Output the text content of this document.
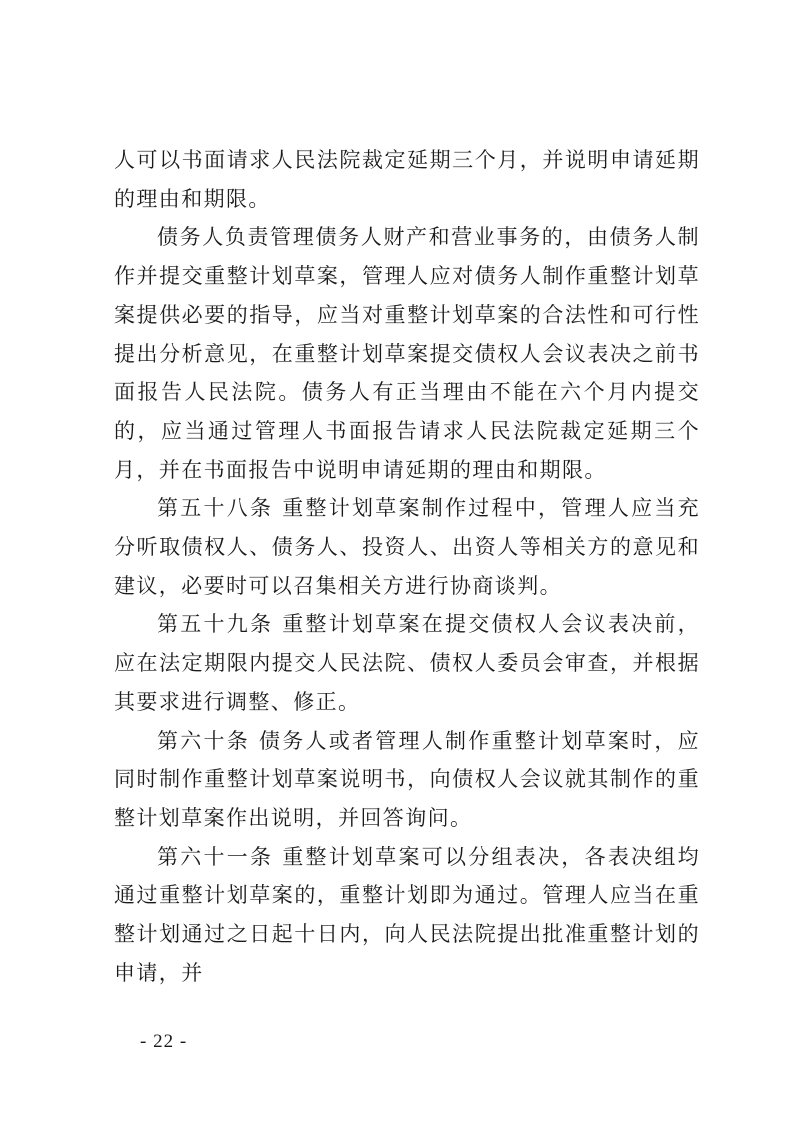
人可以书面请求人民法院裁定延期三个月，并说明申请延期的理由和期限。

债务人负责管理债务人财产和营业事务的，由债务人制作并提交重整计划草案，管理人应对债务人制作重整计划草案提供必要的指导，应当对重整计划草案的合法性和可行性提出分析意见，在重整计划草案提交债权人会议表决之前书面报告人民法院。债务人有正当理由不能在六个月内提交的，应当通过管理人书面报告请求人民法院裁定延期三个月，并在书面报告中说明申请延期的理由和期限。

第五十八条 重整计划草案制作过程中，管理人应当充分听取债权人、债务人、投资人、出资人等相关方的意见和建议，必要时可以召集相关方进行协商谈判。

第五十九条 重整计划草案在提交债权人会议表决前，应在法定期限内提交人民法院、债权人委员会审查，并根据其要求进行调整、修正。

第六十条 债务人或者管理人制作重整计划草案时，应同时制作重整计划草案说明书，向债权人会议就其制作的重整计划草案作出说明，并回答询问。

第六十一条 重整计划草案可以分组表决，各表决组均通过重整计划草案的，重整计划即为通过。管理人应当在重整计划通过之日起十日内，向人民法院提出批准重整计划的申请，并

- 22 -
